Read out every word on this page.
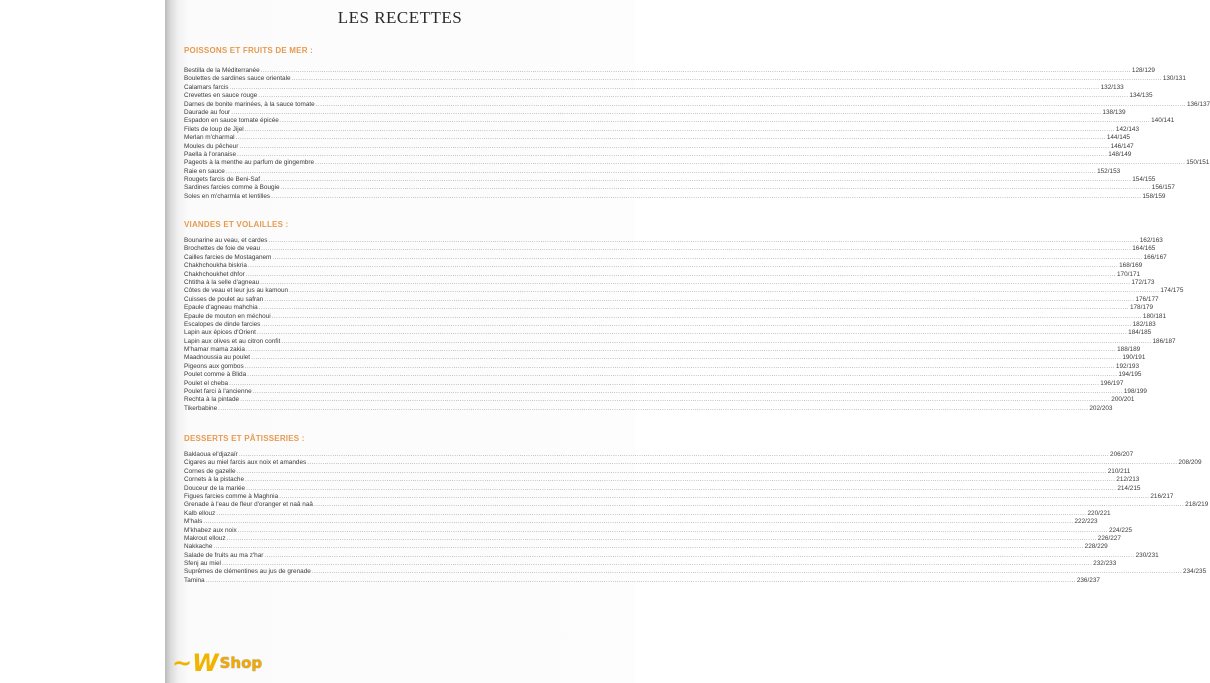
LES RECETTES
POISSONS ET FRUITS DE MER :
Bestilla de la Méditerranée ................................................................................................................................................................................................................................................................................................................................................................................................................ 128/129
Boulettes de sardines sauce orientale ................................................................................................................................................................................................................................................................................................................................................................................................................ 130/131
Calamars farcis ................................................................................................................................................................................................................................................................................................................................................................................................................ 132/133
Crevettes en sauce rouge ................................................................................................................................................................................................................................................................................................................................................................................................................ 134/135
Darnes de bonite marinées, à la sauce tomate ................................................................................................................................................................................................................................................................................................................................................................................................................ 136/137
Daurade au four ................................................................................................................................................................................................................................................................................................................................................................................................................ 138/139
Espadon en sauce tomate épicée ................................................................................................................................................................................................................................................................................................................................................................................................................ 140/141
Filets de loup de Jijel ................................................................................................................................................................................................................................................................................................................................................................................................................ 142/143
Merlan m'charmal ................................................................................................................................................................................................................................................................................................................................................................................................................ 144/145
Moules du pêcheur ................................................................................................................................................................................................................................................................................................................................................................................................................ 146/147
Paella à l'oranaise ................................................................................................................................................................................................................................................................................................................................................................................................................ 148/149
Pageots à la menthe au parfum de gingembre ................................................................................................................................................................................................................................................................................................................................................................................................................ 150/151
Raie en sauce ................................................................................................................................................................................................................................................................................................................................................................................................................ 152/153
Rougets farcis de Beni-Saf ................................................................................................................................................................................................................................................................................................................................................................................................................ 154/155
Sardines farcies comme à Bougie ................................................................................................................................................................................................................................................................................................................................................................................................................ 156/157
Soles en m'charmla et lentilles ................................................................................................................................................................................................................................................................................................................................................................................................................ 158/159
VIANDES ET VOLAILLES :
Bounarine au veau, et cardes ................................................................................................................................................................................................................................................................................................................................................................................................................ 162/163
Brochettes de foie de veau ................................................................................................................................................................................................................................................................................................................................................................................................................ 164/165
Cailles farcies de Mostaganem ................................................................................................................................................................................................................................................................................................................................................................................................................ 166/167
Chakhchoukha biskria ................................................................................................................................................................................................................................................................................................................................................................................................................ 168/169
Chakhchoukhet dhfor ................................................................................................................................................................................................................................................................................................................................................................................................................ 170/171
Chtitha à la selle d'agneau ................................................................................................................................................................................................................................................................................................................................................................................................................ 172/173
Côtes de veau et leur jus au kamoun ................................................................................................................................................................................................................................................................................................................................................................................................................ 174/175
Cuisses de poulet au safran ................................................................................................................................................................................................................................................................................................................................................................................................................ 176/177
Epaule d'agneau mahchia ................................................................................................................................................................................................................................................................................................................................................................................................................ 178/179
Epaule de mouton en méchoui ................................................................................................................................................................................................................................................................................................................................................................................................................ 180/181
Escalopes de dinde farcies ................................................................................................................................................................................................................................................................................................................................................................................................................ 182/183
Lapin aux épices d'Orient ................................................................................................................................................................................................................................................................................................................................................................................................................ 184/185
Lapin aux olives et au citron confit ................................................................................................................................................................................................................................................................................................................................................................................................................ 186/187
M'hamar mama zakia ................................................................................................................................................................................................................................................................................................................................................................................................................ 188/189
Maadnoussia au poulet ................................................................................................................................................................................................................................................................................................................................................................................................................ 190/191
Pigeons aux gombos ................................................................................................................................................................................................................................................................................................................................................................................................................ 192/193
Poulet comme à Blida ................................................................................................................................................................................................................................................................................................................................................................................................................ 194/195
Poulet el cheba ................................................................................................................................................................................................................................................................................................................................................................................................................ 196/197
Poulet farci à l'ancienne ................................................................................................................................................................................................................................................................................................................................................................................................................ 198/199
Rechta à la pintade ................................................................................................................................................................................................................................................................................................................................................................................................................ 200/201
Tikerbabine ................................................................................................................................................................................................................................................................................................................................................................................................................ 202/203
DESSERTS ET PÂTISSERIES :
Baklaoua el'djazaïr ................................................................................................................................................................................................................................................................................................................................................................................................................ 206/207
Cigares au miel farcis aux noix et amandes ................................................................................................................................................................................................................................................................................................................................................................................................................ 208/209
Cornes de gazelle ................................................................................................................................................................................................................................................................................................................................................................................................................ 210/211
Cornets à la pistache ................................................................................................................................................................................................................................................................................................................................................................................................................ 212/213
Douceur de la mariée ................................................................................................................................................................................................................................................................................................................................................................................................................ 214/215
Figues farcies comme à Maghnia ................................................................................................................................................................................................................................................................................................................................................................................................................ 216/217
Grenade à l'eau de fleur d'oranger et naâ naâ ................................................................................................................................................................................................................................................................................................................................................................................................................ 218/219
Kalb ellouz ................................................................................................................................................................................................................................................................................................................................................................................................................ 220/221
M'hals ................................................................................................................................................................................................................................................................................................................................................................................................................ 222/223
M'khabez aux noix ................................................................................................................................................................................................................................................................................................................................................................................................................ 224/225
Makrout ellouz ................................................................................................................................................................................................................................................................................................................................................................................................................ 226/227
Nakkache ................................................................................................................................................................................................................................................................................................................................................................................................................ 228/229
Salade de fruits au ma z'har ................................................................................................................................................................................................................................................................................................................................................................................................................ 230/231
Sfenj au miel ................................................................................................................................................................................................................................................................................................................................................................................................................ 232/233
Suprêmes de clémentines au jus de grenade ................................................................................................................................................................................................................................................................................................................................................................................................................ 234/235
Tamina ................................................................................................................................................................................................................................................................................................................................................................................................................ 236/237
~W Shop
